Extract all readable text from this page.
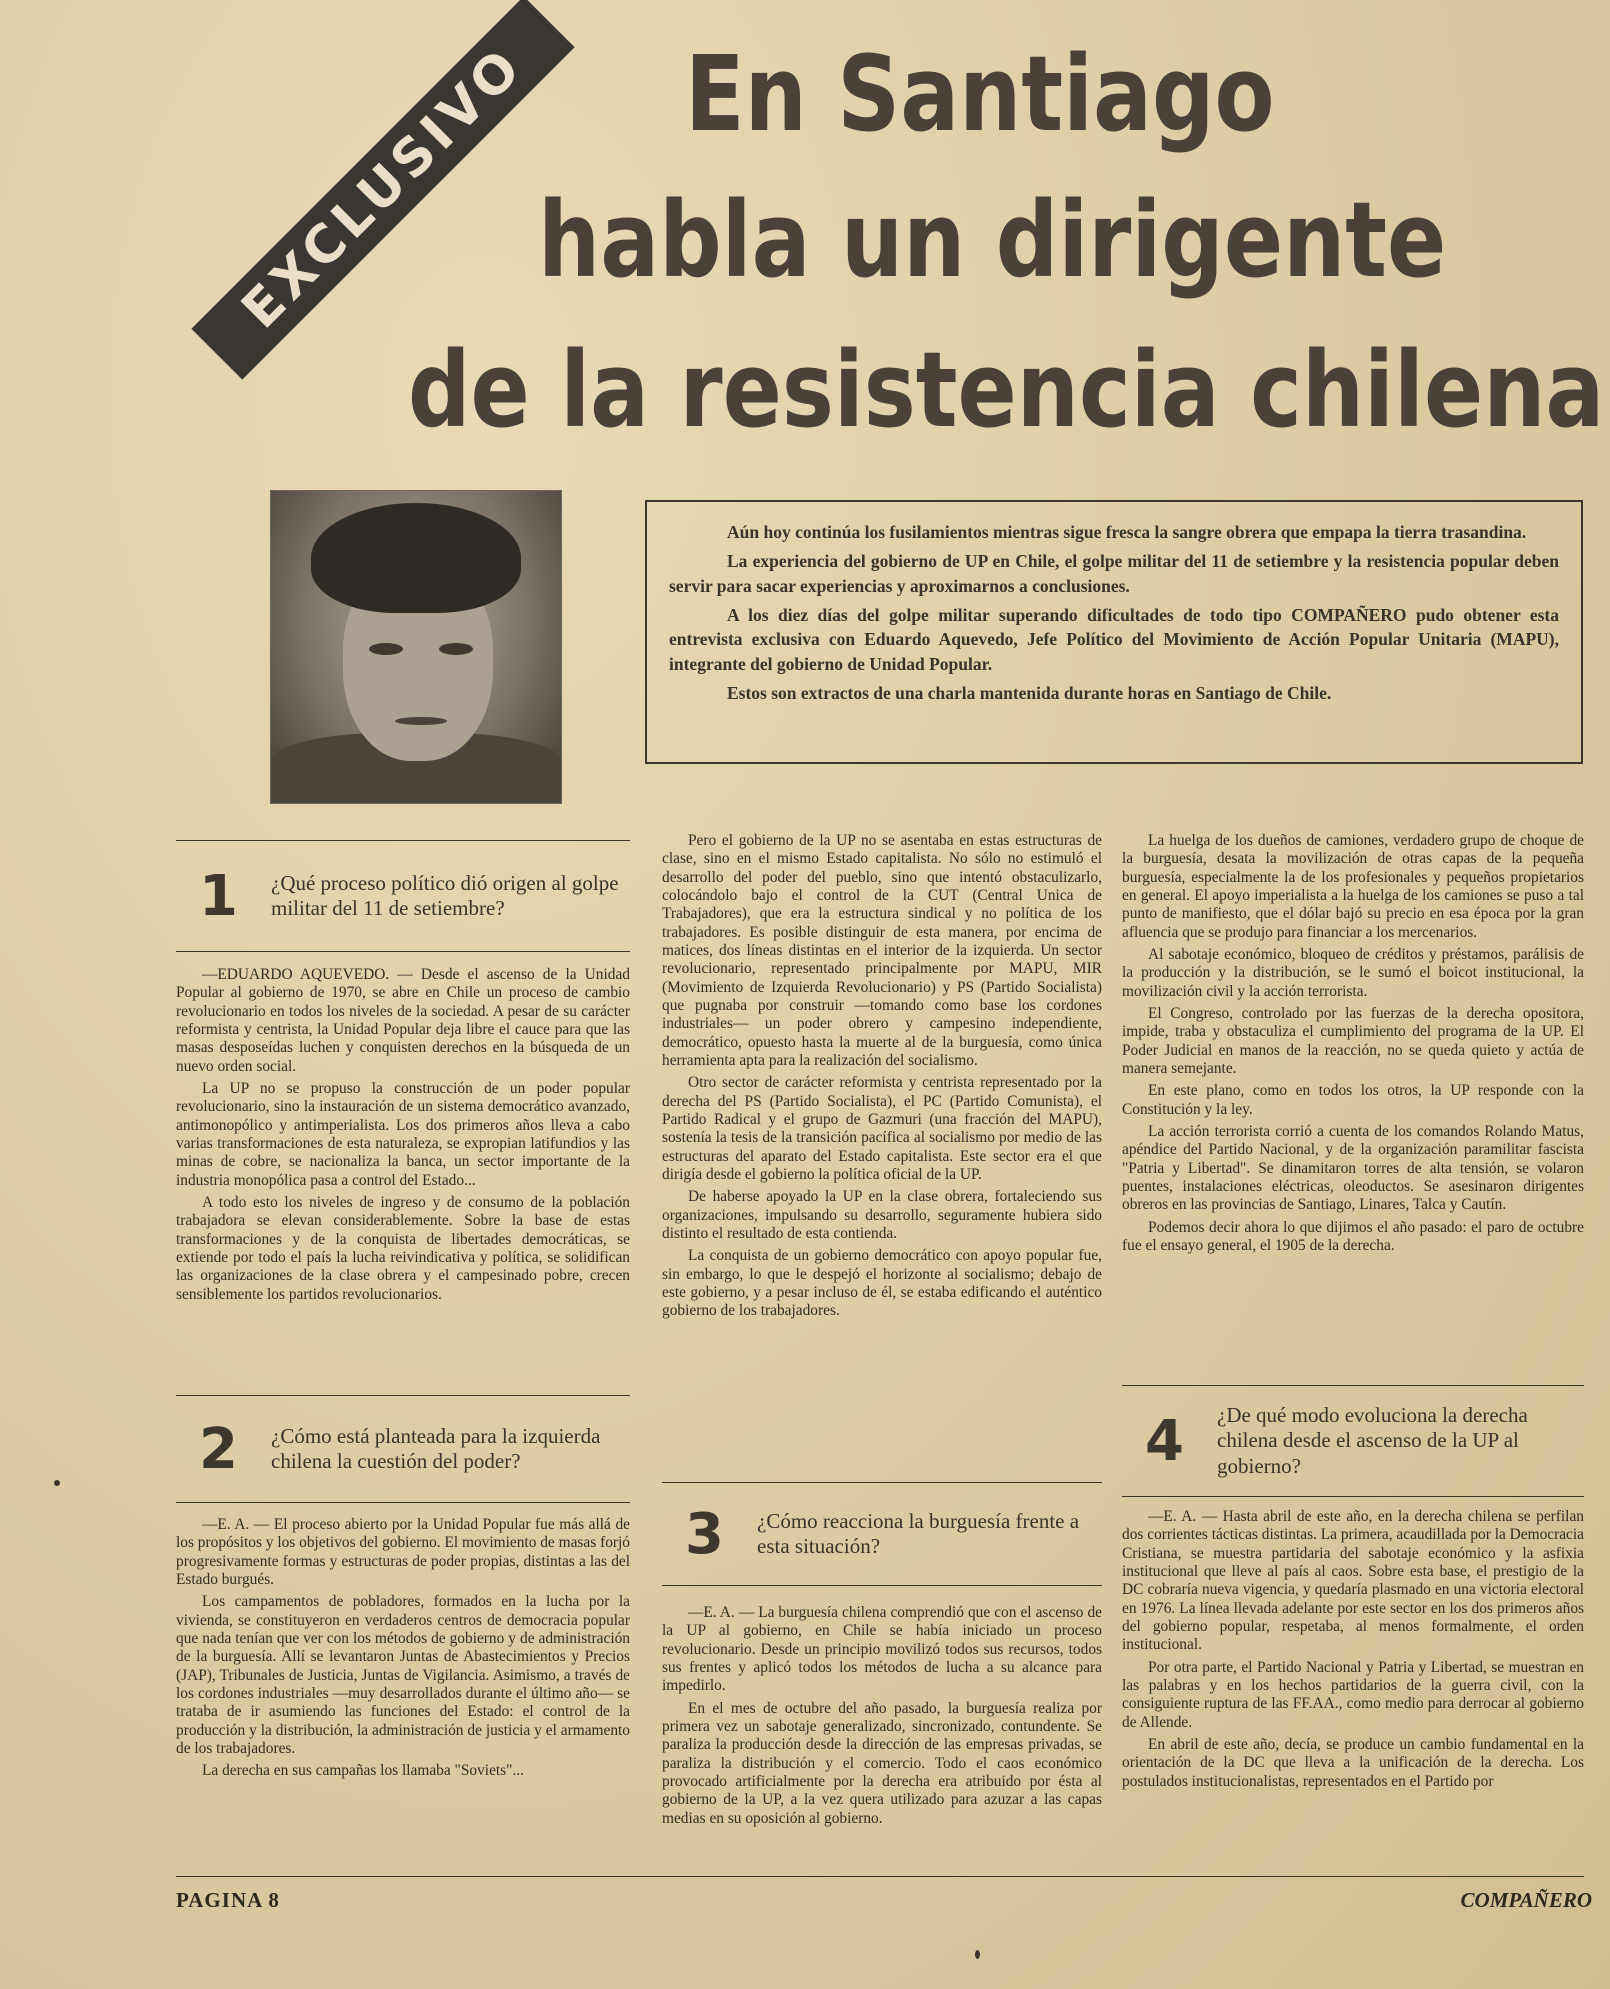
EXCLUSIVO	En Santiago
habla un dirigente
de la resistencia chilena

Aún hoy continúa los fusilamientos mientras sigue fresca la sangre obrera que empapa la tierra trasandina.

La experiencia del gobierno de UP en Chile, el golpe militar del 11 de setiembre y la resistencia popular deben servir para sacar experiencias y aproximarnos a conclusiones.

A los diez días del golpe militar superando dificultades de todo tipo COMPAÑERO pudo obtener esta entrevista exclusiva con Eduardo Aquevedo, Jefe Político del Movimiento de Acción Popular Unitaria (MAPU), integrante del gobierno de Unidad Popular.

Estos son extractos de una charla mantenida durante horas en Santiago de Chile.

1	¿Qué proceso político dió origen al golpe militar del 11 de setiembre?

—EDUARDO AQUEVEDO. — Desde el ascenso de la Unidad Popular al gobierno de 1970, se abre en Chile un proceso de cambio revolucionario en todos los niveles de la sociedad. A pesar de su carácter reformista y centrista, la Unidad Popular deja libre el cauce para que las masas desposeídas luchen y conquisten derechos en la búsqueda de un nuevo orden social.

La UP no se propuso la construcción de un poder popular revolucionario, sino la instauración de un sistema democrático avanzado, antimonopólico y antimperialista. Los dos primeros años lleva a cabo varias transformaciones de esta naturaleza, se expropian latifundios y las minas de cobre, se nacionaliza la banca, un sector importante de la industria monopólica pasa a control del Estado...

A todo esto los niveles de ingreso y de consumo de la población trabajadora se elevan considerablemente. Sobre la base de estas transformaciones y de la conquista de libertades democráticas, se extiende por todo el país la lucha reivindicativa y política, se solidifican las organizaciones de la clase obrera y el campesinado pobre, crecen sensiblemente los partidos revolucionarios.

2	¿Cómo está planteada para la izquierda chilena la cuestión del poder?

—E. A. — El proceso abierto por la Unidad Popular fue más allá de los propósitos y los objetivos del gobierno. El movimiento de masas forjó progresivamente formas y estructuras de poder propias, distintas a las del Estado burgués.

Los campamentos de pobladores, formados en la lucha por la vivienda, se constituyeron en verdaderos centros de democracia popular que nada tenían que ver con los métodos de gobierno y de administración de la burguesía. Allí se levantaron Juntas de Abastecimientos y Precios (JAP), Tribunales de Justicia, Juntas de Vigilancia. Asimismo, a través de los cordones industriales —muy desarrollados durante el último año— se trataba de ir asumiendo las funciones del Estado: el control de la producción y la distribución, la administración de justicia y el armamento de los trabajadores.

La derecha en sus campañas los llamaba "Soviets"...

Pero el gobierno de la UP no se asentaba en estas estructuras de clase, sino en el mismo Estado capitalista. No sólo no estimuló el desarrollo del poder del pueblo, sino que intentó obstaculizarlo, colocándolo bajo el control de la CUT (Central Unica de Trabajadores), que era la estructura sindical y no política de los trabajadores. Es posible distinguir de esta manera, por encima de matices, dos líneas distintas en el interior de la izquierda. Un sector revolucionario, representado principalmente por MAPU, MIR (Movimiento de Izquierda Revolucionario) y PS (Partido Socialista) que pugnaba por construir —tomando como base los cordones industriales— un poder obrero y campesino independiente, democrático, opuesto hasta la muerte al de la burguesía, como única herramienta apta para la realización del socialismo.

Otro sector de carácter reformista y centrista representado por la derecha del PS (Partido Socialista), el PC (Partido Comunista), el Partido Radical y el grupo de Gazmuri (una fracción del MAPU), sostenía la tesis de la transición pacífica al socialismo por medio de las estructuras del aparato del Estado capitalista. Este sector era el que dirigía desde el gobierno la política oficial de la UP.

De haberse apoyado la UP en la clase obrera, fortaleciendo sus organizaciones, impulsando su desarrollo, seguramente hubiera sido distinto el resultado de esta contienda.

La conquista de un gobierno democrático con apoyo popular fue, sin embargo, lo que le despejó el horizonte al socialismo; debajo de este gobierno, y a pesar incluso de él, se estaba edificando el auténtico gobierno de los trabajadores.

3	¿Cómo reacciona la burguesía frente a esta situación?

—E. A. — La burguesía chilena comprendió que con el ascenso de la UP al gobierno, en Chile se había iniciado un proceso revolucionario. Desde un principio movilizó todos sus recursos, todos sus frentes y aplicó todos los métodos de lucha a su alcance para impedirlo.

En el mes de octubre del año pasado, la burguesía realiza por primera vez un sabotaje generalizado, sincronizado, contundente. Se paraliza la producción desde la dirección de las empresas privadas, se paraliza la distribución y el comercio. Todo el caos económico provocado artificialmente por la derecha era atribuido por ésta al gobierno de la UP, a la vez quera utilizado para azuzar a las capas medias en su oposición al gobierno.

La huelga de los dueños de camiones, verdadero grupo de choque de la burguesía, desata la movilización de otras capas de la pequeña burguesía, especialmente la de los profesionales y pequeños propietarios en general. El apoyo imperialista a la huelga de los camiones se puso a tal punto de manifiesto, que el dólar bajó su precio en esa época por la gran afluencia que se produjo para financiar a los mercenarios.

Al sabotaje económico, bloqueo de créditos y préstamos, parálisis de la producción y la distribución, se le sumó el boicot institucional, la movilización civil y la acción terrorista.

El Congreso, controlado por las fuerzas de la derecha opositora, impide, traba y obstaculiza el cumplimiento del programa de la UP. El Poder Judicial en manos de la reacción, no se queda quieto y actúa de manera semejante.

En este plano, como en todos los otros, la UP responde con la Constitución y la ley.

La acción terrorista corrió a cuenta de los comandos Rolando Matus, apéndice del Partido Nacional, y de la organización paramilitar fascista "Patria y Libertad". Se dinamitaron torres de alta tensión, se volaron puentes, instalaciones eléctricas, oleoductos. Se asesinaron dirigentes obreros en las provincias de Santiago, Linares, Talca y Cautín.

Podemos decir ahora lo que dijimos el año pasado: el paro de octubre fue el ensayo general, el 1905 de la derecha.

4	¿De qué modo evoluciona la derecha chilena desde el ascenso de la UP al gobierno?

—E. A. — Hasta abril de este año, en la derecha chilena se perfilan dos corrientes tácticas distintas. La primera, acaudillada por la Democracia Cristiana, se muestra partidaria del sabotaje económico y la asfixia institucional que lleve al país al caos. Sobre esta base, el prestigio de la DC cobraría nueva vigencia, y quedaría plasmado en una victoria electoral en 1976. La línea llevada adelante por este sector en los dos primeros años del gobierno popular, respetaba, al menos formalmente, el orden institucional.

Por otra parte, el Partido Nacional y Patria y Libertad, se muestran en las palabras y en los hechos partidarios de la guerra civil, con la consiguiente ruptura de las FF.AA., como medio para derrocar al gobierno de Allende.

En abril de este año, decía, se produce un cambio fundamental en la orientación de la DC que lleva a la unificación de la derecha. Los postulados institucionalistas, representados en el Partido por

PAGINA 8	COMPAÑERO
